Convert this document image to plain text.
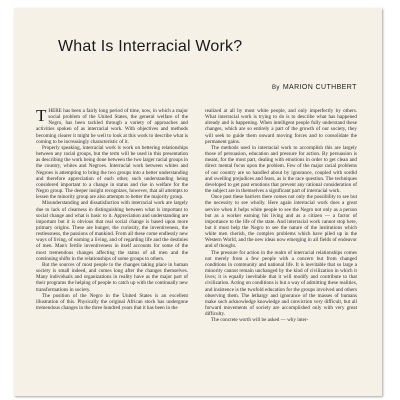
What Is Interracial Work?
By MARION CUTHBERT

THERE has been a fairly long period of time, now, in which a major social problem of the United States, the general welfare of the Negro, has been tackled through a variety of approaches and activities spoken of as interracial work. With objectives and methods becoming clearer it might be well to look at this work to describe what is coming to be increasingly characteristic of it.

Properly speaking, interracial work is work on bettering relationships between any racial groups, but the term will be used in this presentation as describing the work being done between the two larger racial groups in the country, whites and Negroes. Interracial work between whites and Negroes is attempting to bring the two groups into a better understanding and therefore appreciation of each other, such understanding being considered important to a change in status and rise in welfare for the Negro group. The deeper insight recognizes, however, that all attempts to lessen the minority group are also attempts to better the majority group.

Misunderstanding and dissatisfaction with interracial work are largely due to lack of clearness in distinguishing between what is important to social change and what is basic to it. Appreciation and understanding are important but it is obvious that real social change is based upon more primary origins. These are hunger, the curiosity, the inventiveness, the restlessness, the passions of mankind. From all these come endlessly new ways of living, of earning a living, and of regarding life and the destinies of men. Man's fertile inventiveness in itself accounts for some of the most tremendous changes affecting the status of all men and the continuing shifts in the relationships of some groups to others.

But the sources of most people to the changes taking place in human society is small indeed, and comes long after the changes themselves. Many individuals and organizations in reality have as the major part of their programs the helping of people to catch up with the continually new transformations in society.

The position of the Negro in the United States is an excellent illustration of this. Physically the original African stock has undergone tremendous changes in the three hundred years that it has been in the

realized at all by most white people, and only imperfectly by others. What interracial work is trying to do is to describe what has happened already and is happening. When intelligent people fully understand these changes, which are so entirely a part of the growth of our society, they will seek to guide them onward moving forces and to consolidate the permanent gains.

The methods used in interracial work to accomplish this are largely those of persuasion, education and pressure for action. By persuasion is meant, for the most part, dealing with emotions in order to get clean and direct mental focus upon the problem. Few of the major racial problems of our country are so handled about by ignorance, coupled with sordid and swelling prejudices and fears, as is the race question. The techniques developed to get past emotions that prevent any rational consideration of the subject are in themselves a significant part of interracial work.

Once past these barriers there comes not only the possibility to see but the necessity to see wholly. Here again interracial work does a great service when it helps white people to see the Negro not only as a person but as a worker earning his living and as a citizen — a factor of importance to the life of the state. And interracial work cannot stop here, but it must help the Negro to see the nature of the institutions which white men cherish, the complex problems which have piled up in the Western World, and the new ideas now emerging in all fields of endeavor and of thought.

The pressure for action in the realm of interracial relationships comes not merely from a few people with a concern but from changed conditions in community and national life. It is inevitable that so large a minority cannot remain unchanged by the kind of civilization in which it lives; it is equally inevitable that it will modify and contribute to that civilization. Acting on conditions is but a way of admitting these realities, and insistence is the twofold education for the groups involved and others observing them. The lethargy and ignorance of the masses of humans make such acknowledge knowledge and conviction very difficult, but all forward movements of society are accomplished only with very great difficulty.

The concrete worth will be asked — why inter-
